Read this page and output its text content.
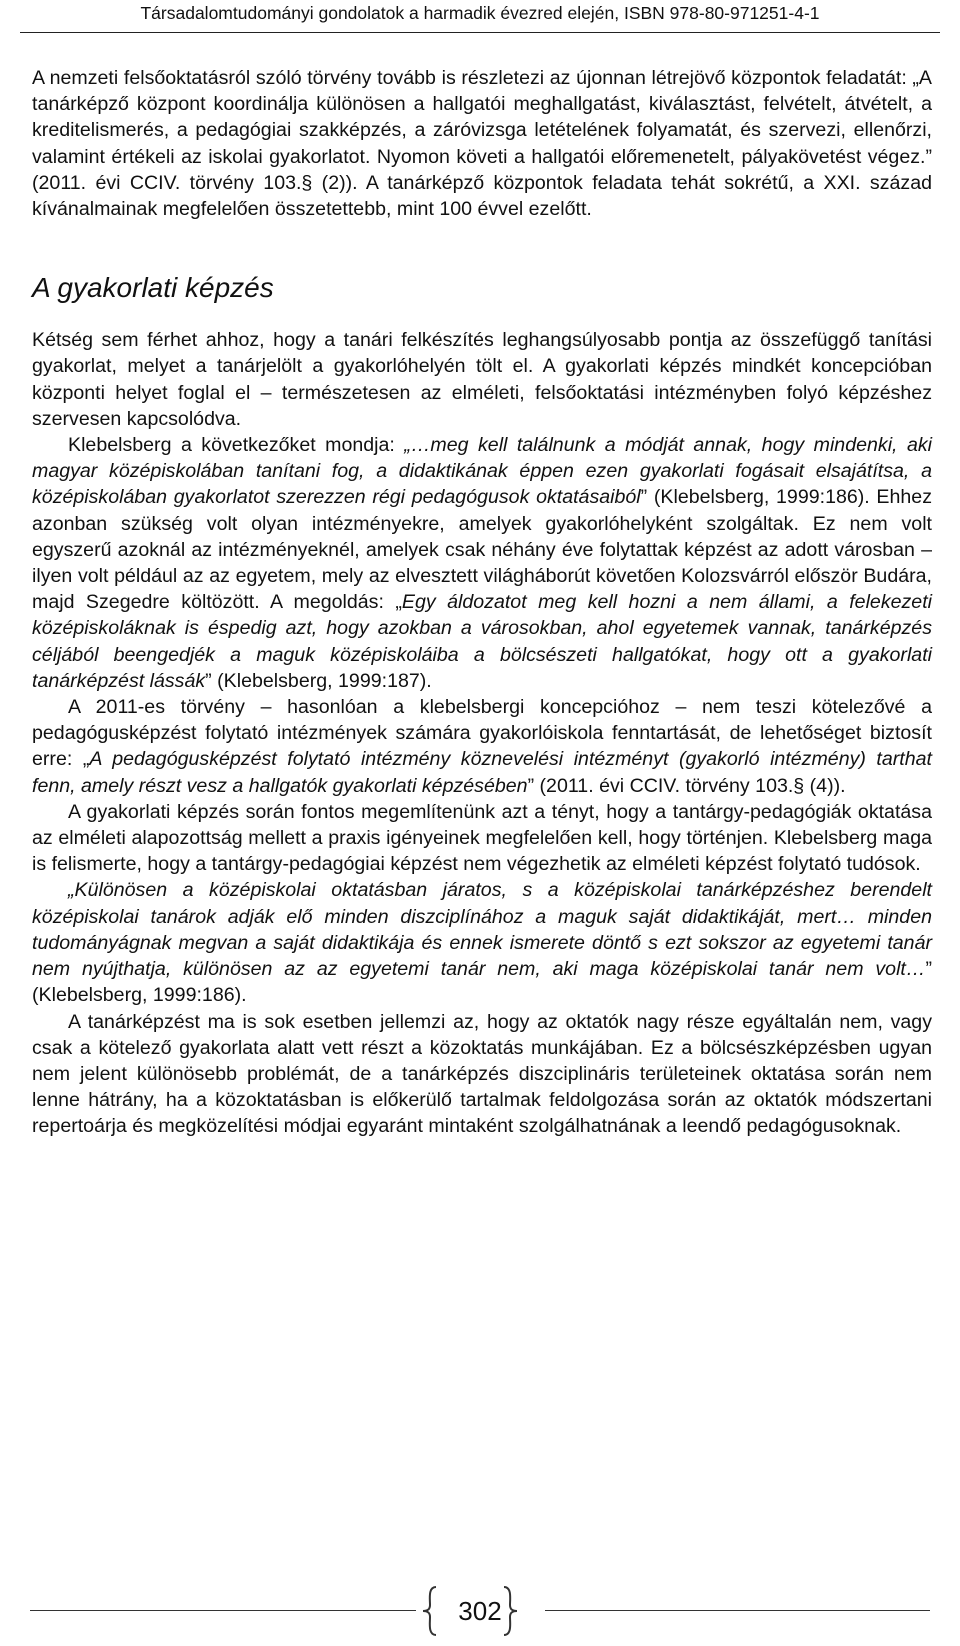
Társadalomtudományi gondolatok a harmadik évezred elején, ISBN 978-80-971251-4-1

A nemzeti felsőoktatásról szóló törvény tovább is részletezi az újonnan létrejövő központok feladatát: „A tanárképző központ koordinálja különösen a hallgatói meghallgatást, kiválasztást, felvételt, átvételt, a kreditelismerés, a pedagógiai szakképzés, a záróvizsga letételének folyamatát, és szervezi, ellenőrzi, valamint értékeli az iskolai gyakorlatot. Nyomon követi a hallgatói előremenetelt, pályakövetést végez.” (2011. évi CCIV. törvény 103.§ (2)). A tanárképző központok feladata tehát sokrétű, a XXI. század kívánalmainak megfelelően összetettebb, mint 100 évvel ezelőtt.

A gyakorlati képzés

Kétség sem férhet ahhoz, hogy a tanári felkészítés leghangsúlyosabb pontja az összefüggő tanítási gyakorlat, melyet a tanárjelölt a gyakorlóhelyén tölt el. A gyakorlati képzés mindkét koncepcióban központi helyet foglal el – természetesen az elméleti, felsőoktatási intézményben folyó képzéshez szervesen kapcsolódva.

Klebelsberg a következőket mondja: „…meg kell találnunk a módját annak, hogy mindenki, aki magyar középiskolában tanítani fog, a didaktikának éppen ezen gyakorlati fogásait elsajátítsa, a középiskolában gyakorlatot szerezzen régi pedagógusok oktatásaiból” (Klebelsberg, 1999:186). Ehhez azonban szükség volt olyan intézményekre, amelyek gyakorlóhelyként szolgáltak. Ez nem volt egyszerű azoknál az intézményeknél, amelyek csak néhány éve folytattak képzést az adott városban – ilyen volt például az az egyetem, mely az elvesztett világháborút követően Kolozsvárról először Budára, majd Szegedre költözött. A megoldás: „Egy áldozatot meg kell hozni a nem állami, a felekezeti középiskoláknak is éspedig azt, hogy azokban a városokban, ahol egyetemek vannak, tanárképzés céljából beengedjék a maguk középiskoláiba a bölcsészeti hallgatókat, hogy ott a gyakorlati tanárképzést lássák” (Klebelsberg, 1999:187).

A 2011-es törvény – hasonlóan a klebelsbergi koncepcióhoz – nem teszi kötelezővé a pedagógusképzést folytató intézmények számára gyakorlóiskola fenntartását, de lehetőséget biztosít erre: „A pedagógusképzést folytató intézmény köznevelési intézményt (gyakorló intézmény) tarthat fenn, amely részt vesz a hallgatók gyakorlati képzésében” (2011. évi CCIV. törvény 103.§ (4)).

A gyakorlati képzés során fontos megemlítenünk azt a tényt, hogy a tantárgy-pedagógiák oktatása az elméleti alapozottság mellett a praxis igényeinek megfelelően kell, hogy történjen. Klebelsberg maga is felismerte, hogy a tantárgy-pedagógiai képzést nem végezhetik az elméleti képzést folytató tudósok.

„Különösen a középiskolai oktatásban járatos, s a középiskolai tanárképzéshez berendelt középiskolai tanárok adják elő minden diszciplínához a maguk saját didaktikáját, mert… minden tudományágnak megvan a saját didaktikája és ennek ismerete döntő s ezt sokszor az egyetemi tanár nem nyújthatja, különösen az az egyetemi tanár nem, aki maga középiskolai tanár nem volt…” (Klebelsberg, 1999:186).

A tanárképzést ma is sok esetben jellemzi az, hogy az oktatók nagy része egyáltalán nem, vagy csak a kötelező gyakorlata alatt vett részt a közoktatás munkájában. Ez a bölcsészképzésben ugyan nem jelent különösebb problémát, de a tanárképzés diszciplináris területeinek oktatása során nem lenne hátrány, ha a közoktatásban is előkerülő tartalmak feldolgozása során az oktatók módszertani repertoárja és megközelítési módjai egyaránt mintaként szolgálhatnának a leendő pedagógusoknak.

302
